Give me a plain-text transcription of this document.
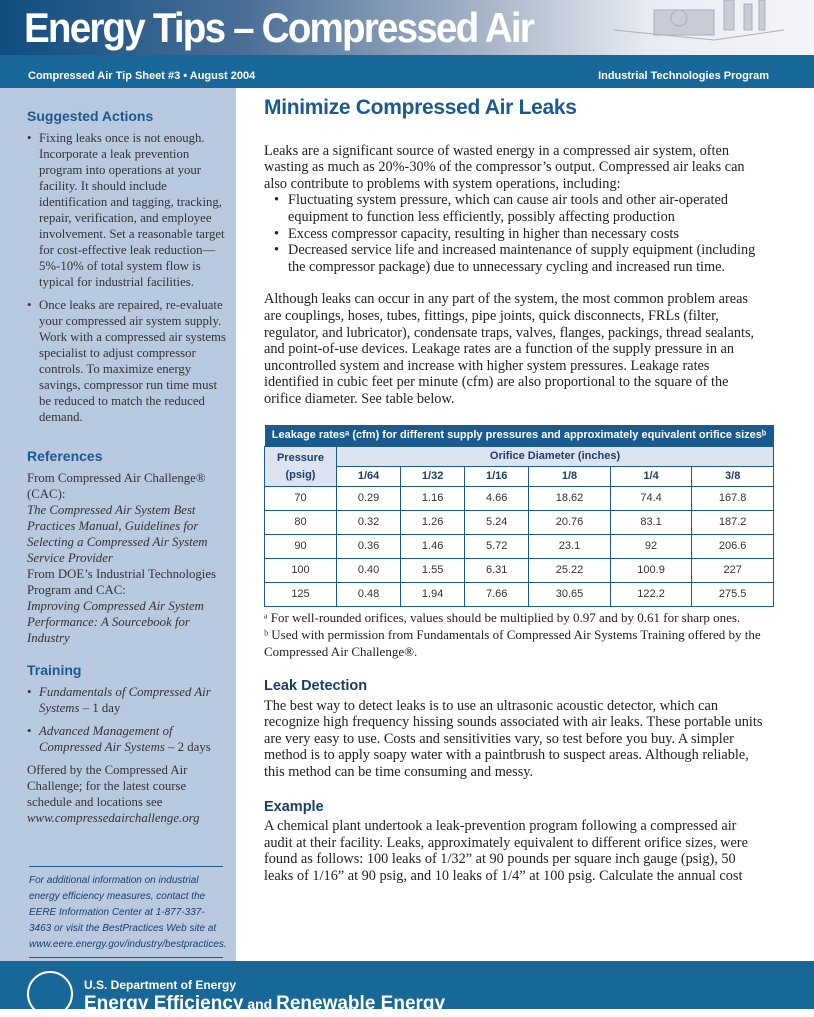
Energy Tips – Compressed Air
Compressed Air Tip Sheet #3 • August 2004	Industrial Technologies Program
Suggested Actions
• Fixing leaks once is not enough. Incorporate a leak prevention program into operations at your facility. It should include identification and tagging, tracking, repair, verification, and employee involvement. Set a reasonable target for cost-effective leak reduction—5%-10% of total system flow is typical for industrial facilities.
• Once leaks are repaired, re-evaluate your compressed air system supply. Work with a compressed air systems specialist to adjust compressor controls. To maximize energy savings, compressor run time must be reduced to match the reduced demand.
References

From Compressed Air Challenge® (CAC):

The Compressed Air System Best Practices Manual, Guidelines for Selecting a Compressed Air System Service Provider

From DOE’s Industrial Technologies Program and CAC:

Improving Compressed Air System Performance: A Sourcebook for Industry

Training
• Fundamentals of Compressed Air Systems – 1 day
• Advanced Management of Compressed Air Systems – 2 days

Offered by the Compressed Air Challenge; for the latest course schedule and locations see www.compressedairchallenge.org

For additional information on industrial energy efficiency measures, contact the EERE Information Center at 1-877-337-3463 or visit the BestPractices Web site at www.eere.energy.gov/industry/bestpractices.
Minimize Compressed Air Leaks

Leaks are a significant source of wasted energy in a compressed air system, often wasting as much as 20%-30% of the compressor’s output. Compressed air leaks can also contribute to problems with system operations, including:

• Fluctuating system pressure, which can cause air tools and other air-operated equipment to function less efficiently, possibly affecting production
• Excess compressor capacity, resulting in higher than necessary costs
• Decreased service life and increased maintenance of supply equipment (including the compressor package) due to unnecessary cycling and increased run time.

Although leaks can occur in any part of the system, the most common problem areas are couplings, hoses, tubes, fittings, pipe joints, quick disconnects, FRLs (filter, regulator, and lubricator), condensate traps, valves, flanges, packings, thread sealants, and point-of-use devices. Leakage rates are a function of the supply pressure in an uncontrolled system and increase with higher system pressures. Leakage rates identified in cubic feet per minute (cfm) are also proportional to the square of the orifice diameter. See table below.

Leakage ratesᵃ (cfm) for different supply pressures and approximately equivalent orifice sizesᵇ						
Pressure (psig)	Orifice Diameter (inches)					
	1/64	1/32	1/16	1/8	1/4	3/8
70	0.29	1.16	4.66	18.62	74.4	167.8
80	0.32	1.26	5.24	20.76	83.1	187.2
90	0.36	1.46	5.72	23.1	92	206.6
100	0.40	1.55	6.31	25.22	100.9	227
125	0.48	1.94	7.66	30.65	122.2	275.5

ᵃ For well-rounded orifices, values should be multiplied by 0.97 and by 0.61 for sharp ones.

ᵇ Used with permission from Fundamentals of Compressed Air Systems Training offered by the Compressed Air Challenge®.

Leak Detection

The best way to detect leaks is to use an ultrasonic acoustic detector, which can recognize high frequency hissing sounds associated with air leaks. These portable units are very easy to use. Costs and sensitivities vary, so test before you buy. A simpler method is to apply soapy water with a paintbrush to suspect areas. Although reliable, this method can be time consuming and messy.

Example

A chemical plant undertook a leak-prevention program following a compressed air audit at their facility. Leaks, approximately equivalent to different orifice sizes, were found as follows: 100 leaks of 1/32” at 90 pounds per square inch gauge (psig), 50 leaks of 1/16” at 90 psig, and 10 leaks of 1/4” at 100 psig. Calculate the annual cost

U.S. Department of Energy
Energy Efficiency and Renewable Energy
